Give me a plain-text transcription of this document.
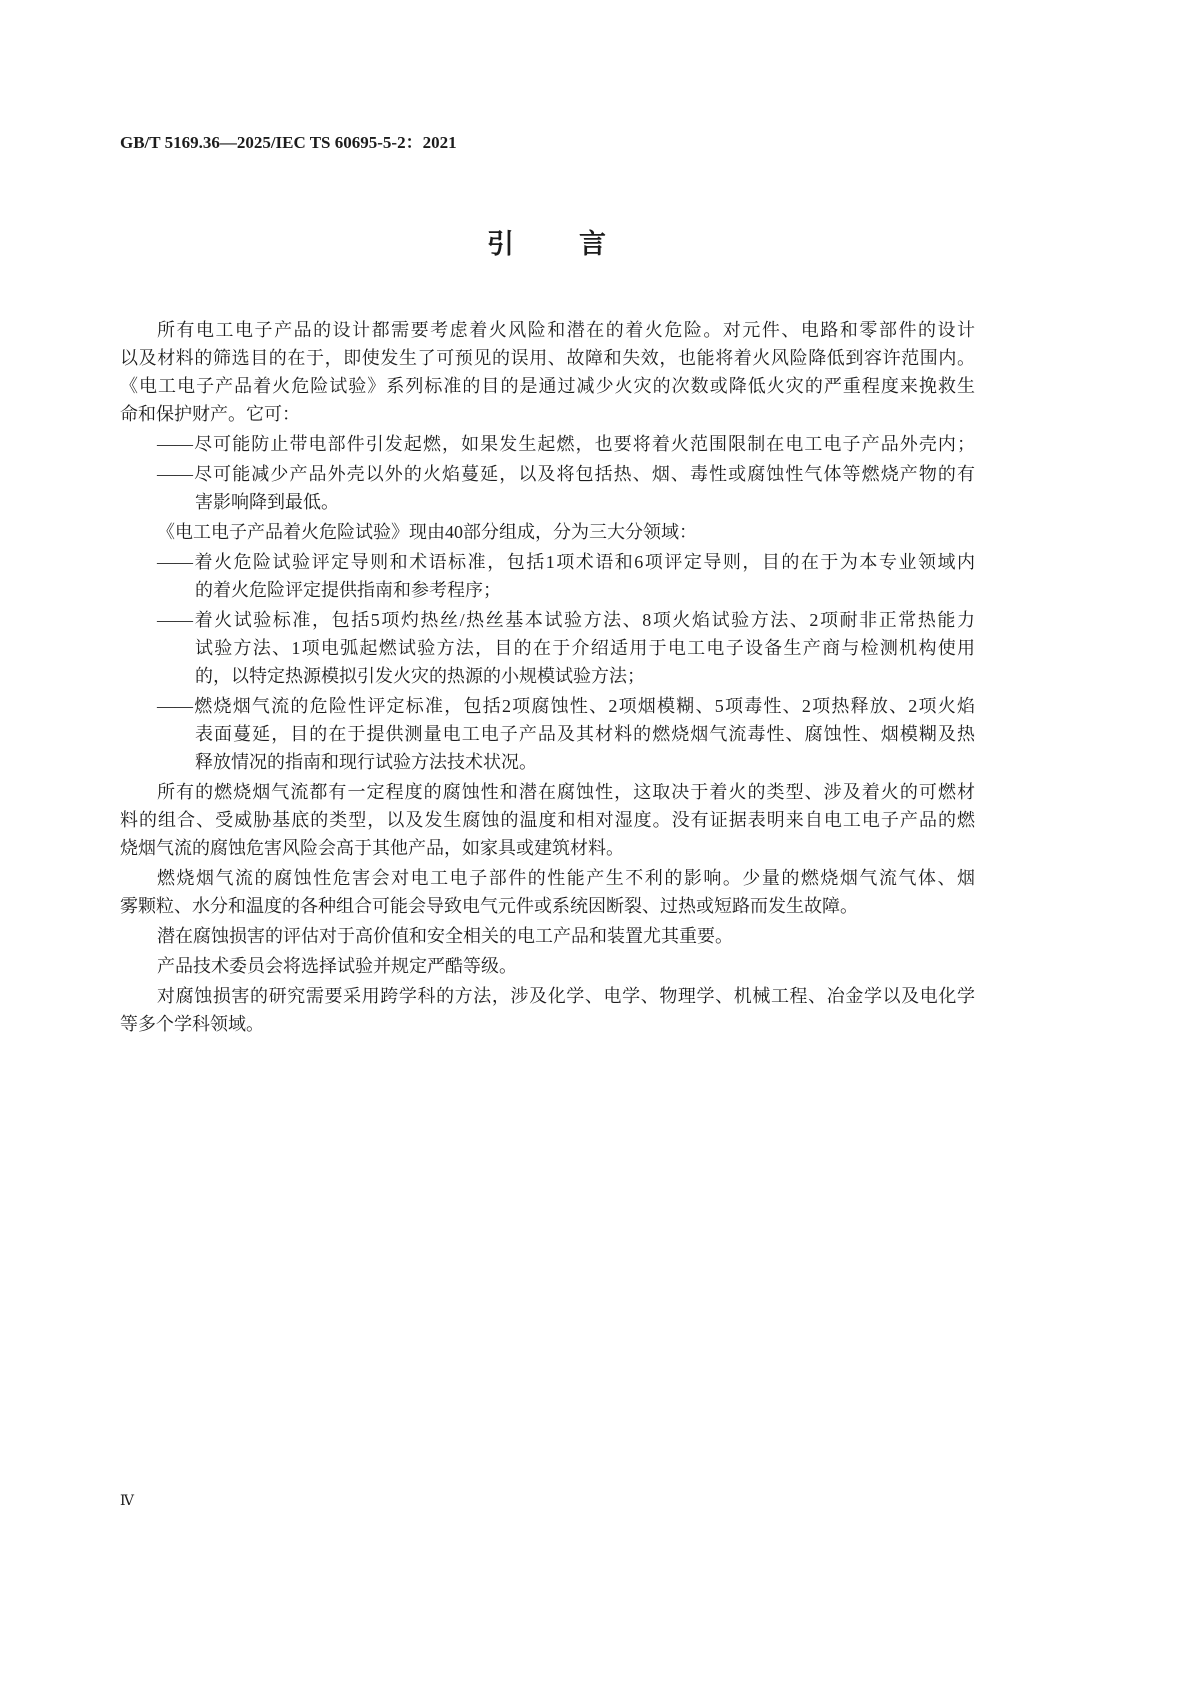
GB/T 5169.36—2025/IEC TS 60695-5-2：2021
引　言
所有电工电子产品的设计都需要考虑着火风险和潜在的着火危险。对元件、电路和零部件的设计
以及材料的筛选目的在于，即使发生了可预见的误用、故障和失效，也能将着火风险降低到容许范围内。
《电工电子产品着火危险试验》系列标准的目的是通过减少火灾的次数或降低火灾的严重程度来挽救生
命和保护财产。它可：
——尽可能防止带电部件引发起燃，如果发生起燃，也要将着火范围限制在电工电子产品外壳内；
——尽可能减少产品外壳以外的火焰蔓延，以及将包括热、烟、毒性或腐蚀性气体等燃烧产物的有
害影响降到最低。
《电工电子产品着火危险试验》现由40部分组成，分为三大分领域：
——着火危险试验评定导则和术语标准，包括1项术语和6项评定导则，目的在于为本专业领域内
的着火危险评定提供指南和参考程序；
——着火试验标准，包括5项灼热丝/热丝基本试验方法、8项火焰试验方法、2项耐非正常热能力
试验方法、1项电弧起燃试验方法，目的在于介绍适用于电工电子设备生产商与检测机构使用
的，以特定热源模拟引发火灾的热源的小规模试验方法；
——燃烧烟气流的危险性评定标准，包括2项腐蚀性、2项烟模糊、5项毒性、2项热释放、2项火焰
表面蔓延，目的在于提供测量电工电子产品及其材料的燃烧烟气流毒性、腐蚀性、烟模糊及热
释放情况的指南和现行试验方法技术状况。
所有的燃烧烟气流都有一定程度的腐蚀性和潜在腐蚀性，这取决于着火的类型、涉及着火的可燃材
料的组合、受威胁基底的类型，以及发生腐蚀的温度和相对湿度。没有证据表明来自电工电子产品的燃
烧烟气流的腐蚀危害风险会高于其他产品，如家具或建筑材料。
燃烧烟气流的腐蚀性危害会对电工电子部件的性能产生不利的影响。少量的燃烧烟气流气体、烟
雾颗粒、水分和温度的各种组合可能会导致电气元件或系统因断裂、过热或短路而发生故障。
潜在腐蚀损害的评估对于高价值和安全相关的电工产品和装置尤其重要。
产品技术委员会将选择试验并规定严酷等级。
对腐蚀损害的研究需要采用跨学科的方法，涉及化学、电学、物理学、机械工程、冶金学以及电化学
等多个学科领域。
Ⅳ
